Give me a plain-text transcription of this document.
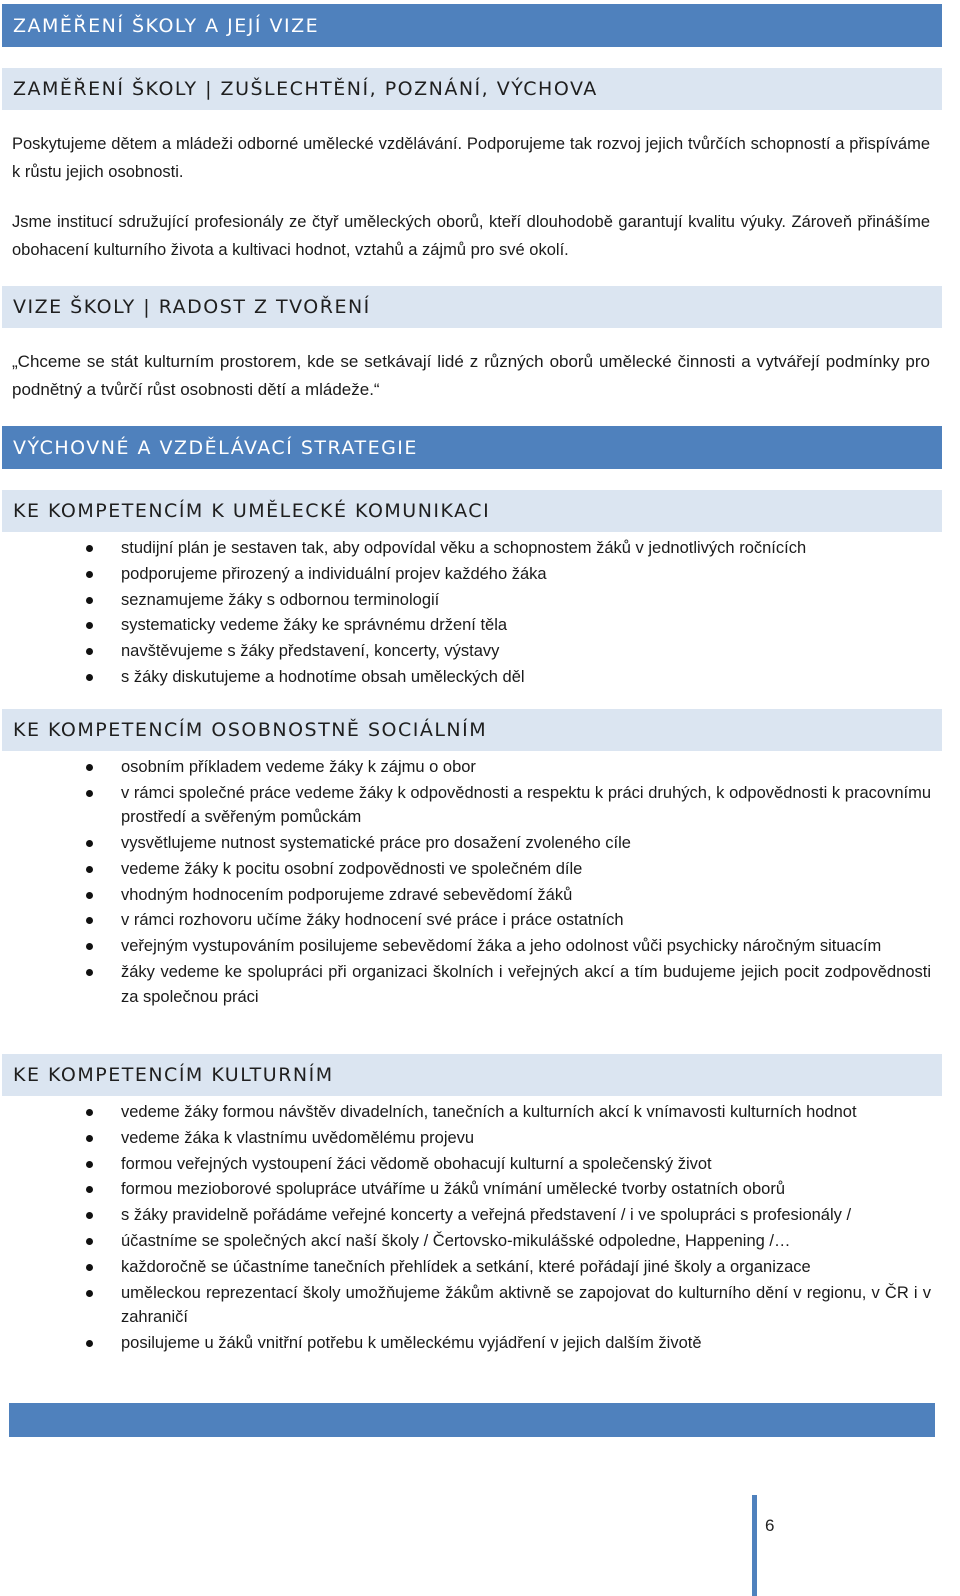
ZAMĚŘENÍ ŠKOLY A JEJÍ VIZE
ZAMĚŘENÍ ŠKOLY | ZUŠLECHTĚNÍ, POZNÁNÍ, VÝCHOVA

Poskytujeme dětem a mládeži odborné umělecké vzdělávání. Podporujeme tak rozvoj jejich tvůrčích schopností a přispíváme k růstu jejich osobnosti.

Jsme institucí sdružující profesionály ze čtyř uměleckých oborů, kteří dlouhodobě garantují kvalitu výuky. Zároveň přinášíme obohacení kulturního života a kultivaci hodnot, vztahů a zájmů pro své okolí.

VIZE ŠKOLY | RADOST Z TVOŘENÍ

„Chceme se stát kulturním prostorem, kde se setkávají lidé z různých oborů umělecké činnosti a vytvářejí podmínky pro podnětný a tvůrčí růst osobnosti dětí a mládeže.“

VÝCHOVNÉ A VZDĚLÁVACÍ STRATEGIE
KE KOMPETENCÍM K UMĚLECKÉ KOMUNIKACI
studijní plán je sestaven tak, aby odpovídal věku a schopnostem žáků v jednotlivých ročnících
podporujeme přirozený a individuální projev každého žáka
seznamujeme žáky s odbornou terminologií
systematicky vedeme žáky ke správnému držení těla
navštěvujeme s žáky představení, koncerty, výstavy
s žáky diskutujeme a hodnotíme obsah uměleckých děl
KE KOMPETENCÍM OSOBNOSTNĚ SOCIÁLNÍM
osobním příkladem vedeme žáky k zájmu o obor
v rámci společné práce vedeme žáky k odpovědnosti a respektu k práci druhých, k odpovědnosti k pracovnímu prostředí a svěřeným pomůckám
vysvětlujeme nutnost systematické práce pro dosažení zvoleného cíle
vedeme žáky k pocitu osobní zodpovědnosti ve společném díle
vhodným hodnocením podporujeme zdravé sebevědomí žáků
v rámci rozhovoru učíme žáky hodnocení své práce i práce ostatních
veřejným vystupováním posilujeme sebevědomí žáka a jeho odolnost vůči psychicky náročným situacím
žáky vedeme ke spolupráci při organizaci školních i veřejných akcí a tím budujeme jejich pocit zodpovědnosti za společnou práci
KE KOMPETENCÍM KULTURNÍM
vedeme žáky formou návštěv divadelních, tanečních a kulturních akcí k vnímavosti kulturních hodnot
vedeme žáka k vlastnímu uvědomělému projevu
formou veřejných vystoupení žáci vědomě obohacují kulturní a společenský život
formou mezioborové spolupráce utváříme u žáků vnímání umělecké tvorby ostatních oborů
s žáky pravidelně pořádáme veřejné koncerty a veřejná představení / i ve spolupráci s profesionály /
účastníme se společných akcí naší školy / Čertovsko-mikulášské odpoledne, Happening /…
každoročně se účastníme tanečních přehlídek a setkání, které pořádají jiné školy a organizace
uměleckou reprezentací školy umožňujeme žákům aktivně se zapojovat do kulturního dění v regionu, v ČR i v zahraničí
posilujeme u žáků vnitřní potřebu k uměleckému vyjádření v jejich dalším životě
6
